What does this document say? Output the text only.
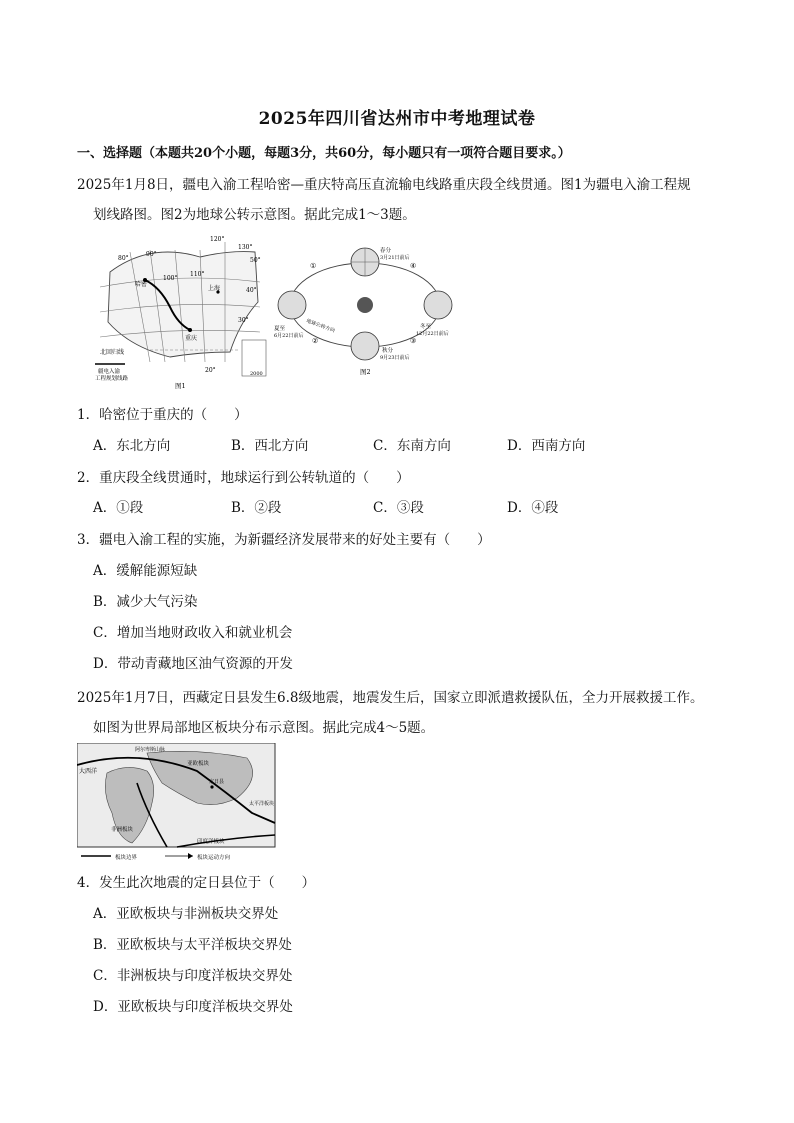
2025年四川省达州市中考地理试卷
一、选择题（本题共20个小题，每题3分，共60分，每小题只有一项符合题目要求。）
2025年1月8日，疆电入渝工程哈密—重庆特高压直流输电线路重庆段全线贯通。图1为疆电入渝工程规
划线路图。图2为地球公转示意图。据此完成1～3题。
哈密
重庆
上海
北回归线
80°
90°
100°
110°
120°
130°
50°
40°
30°
20°
疆电入渝
工程规划线路
2000
图1
①
②	③
④
春分
3月21日前后
夏至
6月22日前后
冬至
12月22日前后
秋分
9月23日前后
地球公转方向
图2
1．哈密位于重庆的（　　）
A．东北方向	B．西北方向	C．东南方向	D．西南方向
2．重庆段全线贯通时，地球运行到公转轨道的（　　）
A．①段	B．②段	C．③段	D．④段
3．疆电入渝工程的实施，为新疆经济发展带来的好处主要有（　　）
A．缓解能源短缺
B．减少大气污染
C．增加当地财政收入和就业机会
D．带动青藏地区油气资源的开发
2025年1月7日，西藏定日县发生6.8级地震，地震发生后，国家立即派遣救援队伍，全力开展救援工作。
如图为世界局部地区板块分布示意图。据此完成4～5题。
大西洋
阿尔卑斯山脉
亚欧板块
定日县
非洲板块
印度洋板块
太平洋板块
板块边界	板块运动方向
4．发生此次地震的定日县位于（　　）
A．亚欧板块与非洲板块交界处
B．亚欧板块与太平洋板块交界处
C．非洲板块与印度洋板块交界处
D．亚欧板块与印度洋板块交界处
